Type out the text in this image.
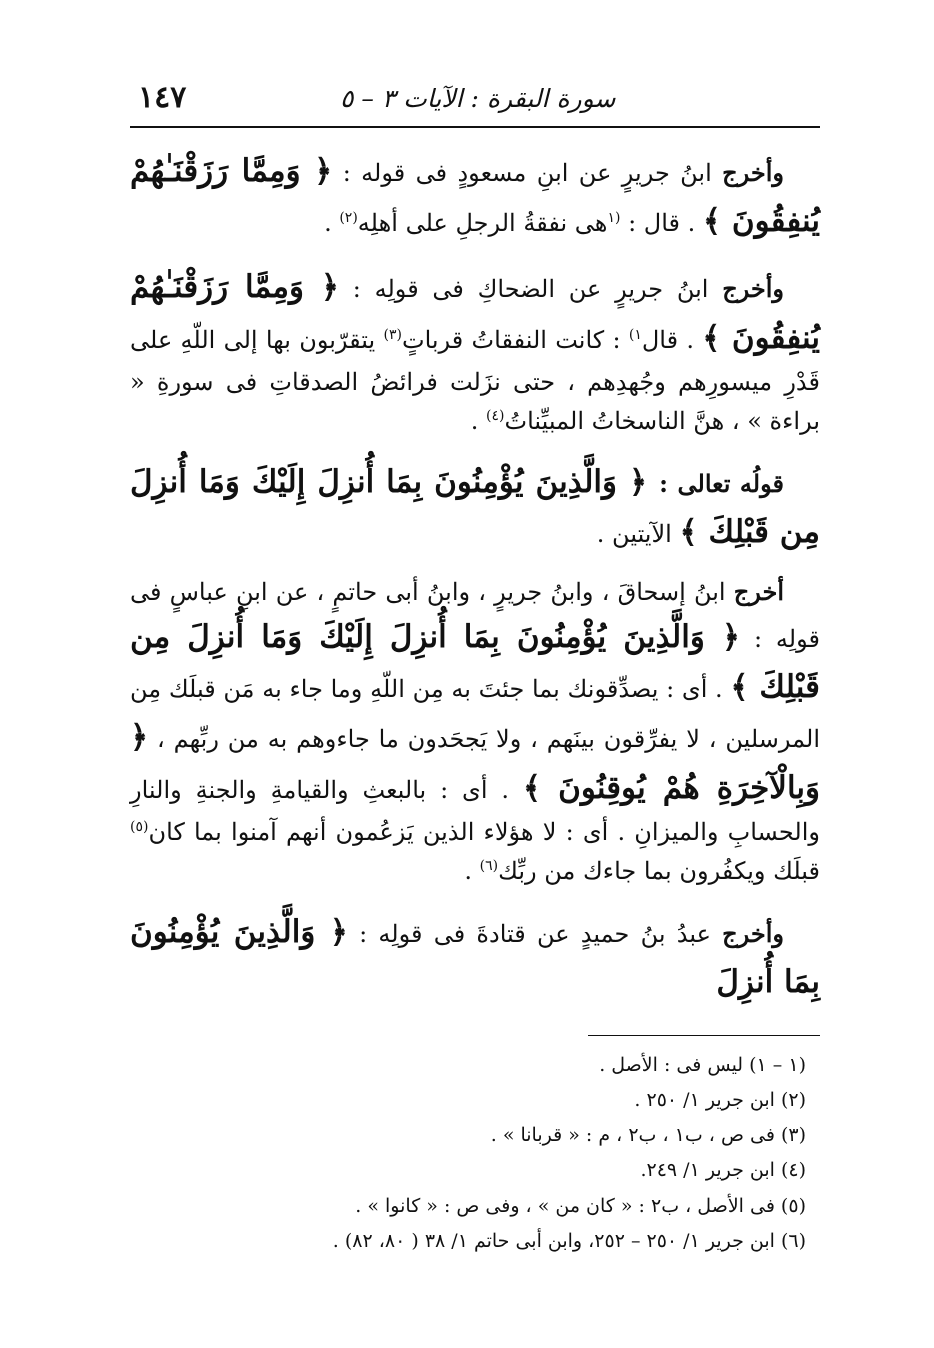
١٤٧	سورة البقرة : الآيات ٣ – ٥

وأخرج ابنُ جريرٍ عن ابنِ مسعودٍ فى قوله : ﴿ وَمِمَّا رَزَقْنَـٰهُمْ يُنفِقُونَ ﴾ . قال : $^{(١}$هى نفقةُ الرجلِ على أهلِه$^{(٢)}$ .

وأخرج ابنُ جريرٍ عن الضحاكِ فى قولِه : ﴿ وَمِمَّا رَزَقْنَـٰهُمْ يُنفِقُونَ ﴾ . قال$^{١)}$ : كانت النفقاتُ قرباتٍ$^{(٣)}$ يتقرّبون بها إلى اللّهِ على قَدْرِ ميسورِهم وجُهدِهم ، حتى نزَلت فرائضُ الصدقاتِ فى سورةِ « براءة » ، هنَّ الناسخاتُ المبيِّناتُ$^{(٤)}$ .

قولُه تعالى : ﴿ وَالَّذِينَ يُؤْمِنُونَ بِمَا أُنزِلَ إِلَيْكَ وَمَا أُنزِلَ مِن قَبْلِكَ ﴾ الآيتين .

أخرج ابنُ إسحاقَ ، وابنُ جريرٍ ، وابنُ أبى حاتمٍ ، عن ابنِ عباسٍ فى قولِه : ﴿ وَالَّذِينَ يُؤْمِنُونَ بِمَا أُنزِلَ إِلَيْكَ وَمَا أُنزِلَ مِن قَبْلِكَ ﴾ . أى : يصدِّقونك بما جئتَ به مِن اللّهِ وما جاء به مَن قبلَك مِن المرسلين ، لا يفرِّقون بينَهم ، ولا يَجحَدون ما جاءوهم به من ربِّهم ، ﴿ وَبِالْآخِرَةِ هُمْ يُوقِنُونَ ﴾ . أى : بالبعثِ والقيامةِ والجنةِ والنارِ والحسابِ والميزانِ . أى : لا هؤلاء الذين يَزعُمون أنهم آمنوا بما كان$^{(٥)}$ قبلَك ويكفُرون بما جاءك من ربِّك$^{(٦)}$ .

وأخرج عبدُ بنُ حميدٍ عن قتادةَ فى قولِه : ﴿ وَالَّذِينَ يُؤْمِنُونَ بِمَا أُنزِلَ

(١ – ١) ليس فى : الأصل .
(٢) ابن جرير ١/ ٢٥٠ .
(٣) فى ص ، ب١ ، ب٢ ، م : « قربانا » .
(٤) ابن جرير ١/ ٢٤٩.
(٥) فى الأصل ، ب٢ : « كان من » ، وفى ص : « كانوا » .
(٦) ابن جرير ١/ ٢٥٠ – ٢٥٢، وابن أبى حاتم ١/ ٣٨ ( ٨٠، ٨٢) .
